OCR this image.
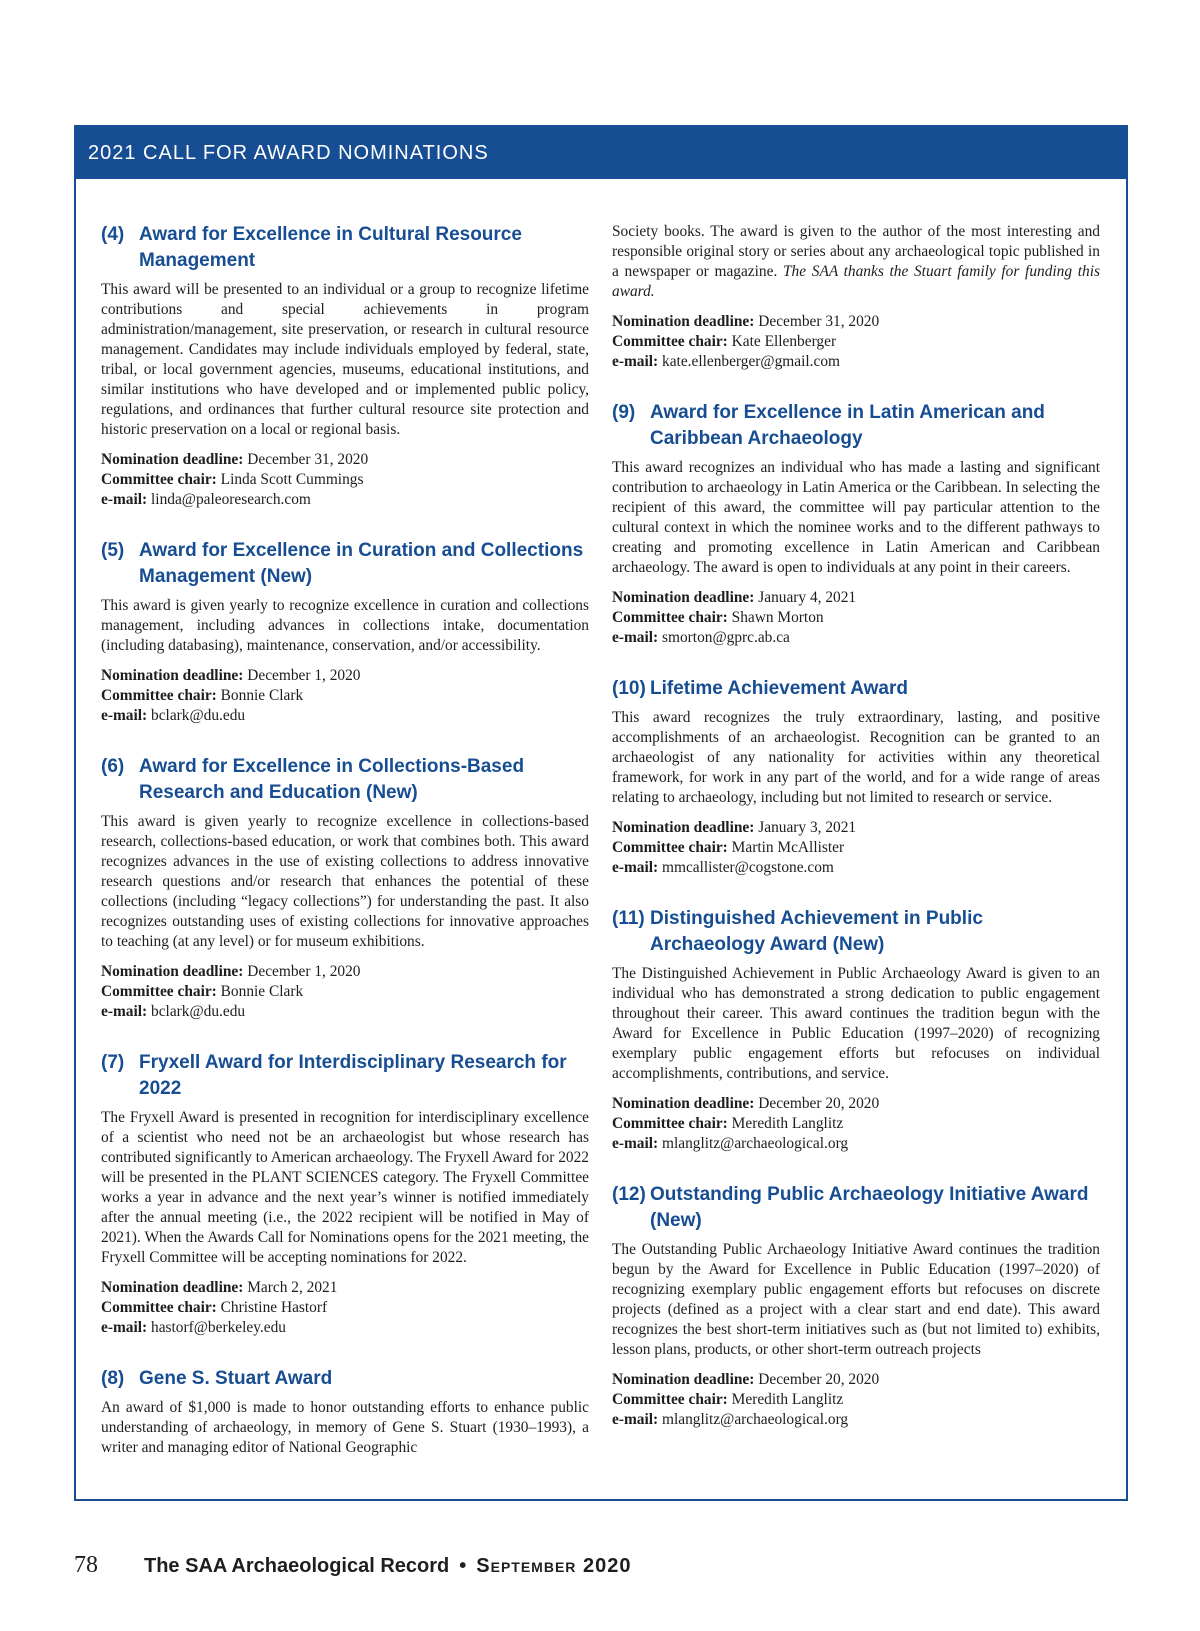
2021 CALL FOR AWARD NOMINATIONS
(4) Award for Excellence in Cultural Resource Management

This award will be presented to an individual or a group to recognize lifetime contributions and special achievements in program administration/management, site preservation, or research in cultural resource management. Candidates may include individuals employed by federal, state, tribal, or local government agencies, museums, educational institutions, and similar institutions who have developed and or implemented public policy, regulations, and ordinances that further cultural resource site protection and historic preservation on a local or regional basis.

Nomination deadline: December 31, 2020
Committee chair: Linda Scott Cummings
e-mail: linda@paleoresearch.com
(5) Award for Excellence in Curation and Collections Management (New)

This award is given yearly to recognize excellence in curation and collections management, including advances in collections intake, documentation (including databasing), maintenance, conservation, and/or accessibility.

Nomination deadline: December 1, 2020
Committee chair: Bonnie Clark
e-mail: bclark@du.edu
(6) Award for Excellence in Collections-Based Research and Education (New)

This award is given yearly to recognize excellence in collections-based research, collections-based education, or work that combines both. This award recognizes advances in the use of existing collections to address innovative research questions and/or research that enhances the potential of these collections (including “legacy collections”) for understanding the past. It also recognizes outstanding uses of existing collections for innovative approaches to teaching (at any level) or for museum exhibitions.

Nomination deadline: December 1, 2020
Committee chair: Bonnie Clark
e-mail: bclark@du.edu
(7) Fryxell Award for Interdisciplinary Research for 2022

The Fryxell Award is presented in recognition for interdisciplinary excellence of a scientist who need not be an archaeologist but whose research has contributed significantly to American archaeology. The Fryxell Award for 2022 will be presented in the PLANT SCIENCES category. The Fryxell Committee works a year in advance and the next year’s winner is notified immediately after the annual meeting (i.e., the 2022 recipient will be notified in May of 2021). When the Awards Call for Nominations opens for the 2021 meeting, the Fryxell Committee will be accepting nominations for 2022.

Nomination deadline: March 2, 2021
Committee chair: Christine Hastorf
e-mail: hastorf@berkeley.edu
(8) Gene S. Stuart Award

An award of $1,000 is made to honor outstanding efforts to enhance public understanding of archaeology, in memory of Gene S. Stuart (1930–1993), a writer and managing editor of National Geographic

Society books. The award is given to the author of the most interesting and responsible original story or series about any archaeological topic published in a newspaper or magazine. The SAA thanks the Stuart family for funding this award.

Nomination deadline: December 31, 2020
Committee chair: Kate Ellenberger
e-mail: kate.ellenberger@gmail.com
(9) Award for Excellence in Latin American and Caribbean Archaeology

This award recognizes an individual who has made a lasting and significant contribution to archaeology in Latin America or the Caribbean. In selecting the recipient of this award, the committee will pay particular attention to the cultural context in which the nominee works and to the different pathways to creating and promoting excellence in Latin American and Caribbean archaeology. The award is open to individuals at any point in their careers.

Nomination deadline: January 4, 2021
Committee chair: Shawn Morton
e-mail: smorton@gprc.ab.ca
(10) Lifetime Achievement Award

This award recognizes the truly extraordinary, lasting, and positive accomplishments of an archaeologist. Recognition can be granted to an archaeologist of any nationality for activities within any theoretical framework, for work in any part of the world, and for a wide range of areas relating to archaeology, including but not limited to research or service.

Nomination deadline: January 3, 2021
Committee chair: Martin McAllister
e-mail: mmcallister@cogstone.com
(11) Distinguished Achievement in Public Archaeology Award (New)

The Distinguished Achievement in Public Archaeology Award is given to an individual who has demonstrated a strong dedication to public engagement throughout their career. This award continues the tradition begun with the Award for Excellence in Public Education (1997–2020) of recognizing exemplary public engagement efforts but refocuses on individual accomplishments, contributions, and service.

Nomination deadline: December 20, 2020
Committee chair: Meredith Langlitz
e-mail: mlanglitz@archaeological.org
(12) Outstanding Public Archaeology Initiative Award (New)

The Outstanding Public Archaeology Initiative Award continues the tradition begun by the Award for Excellence in Public Education (1997–2020) of recognizing exemplary public engagement efforts but refocuses on discrete projects (defined as a project with a clear start and end date). This award recognizes the best short-term initiatives such as (but not limited to) exhibits, lesson plans, products, or other short-term outreach projects

Nomination deadline: December 20, 2020
Committee chair: Meredith Langlitz
e-mail: mlanglitz@archaeological.org
78 The SAA Archaeological Record • September 2020
